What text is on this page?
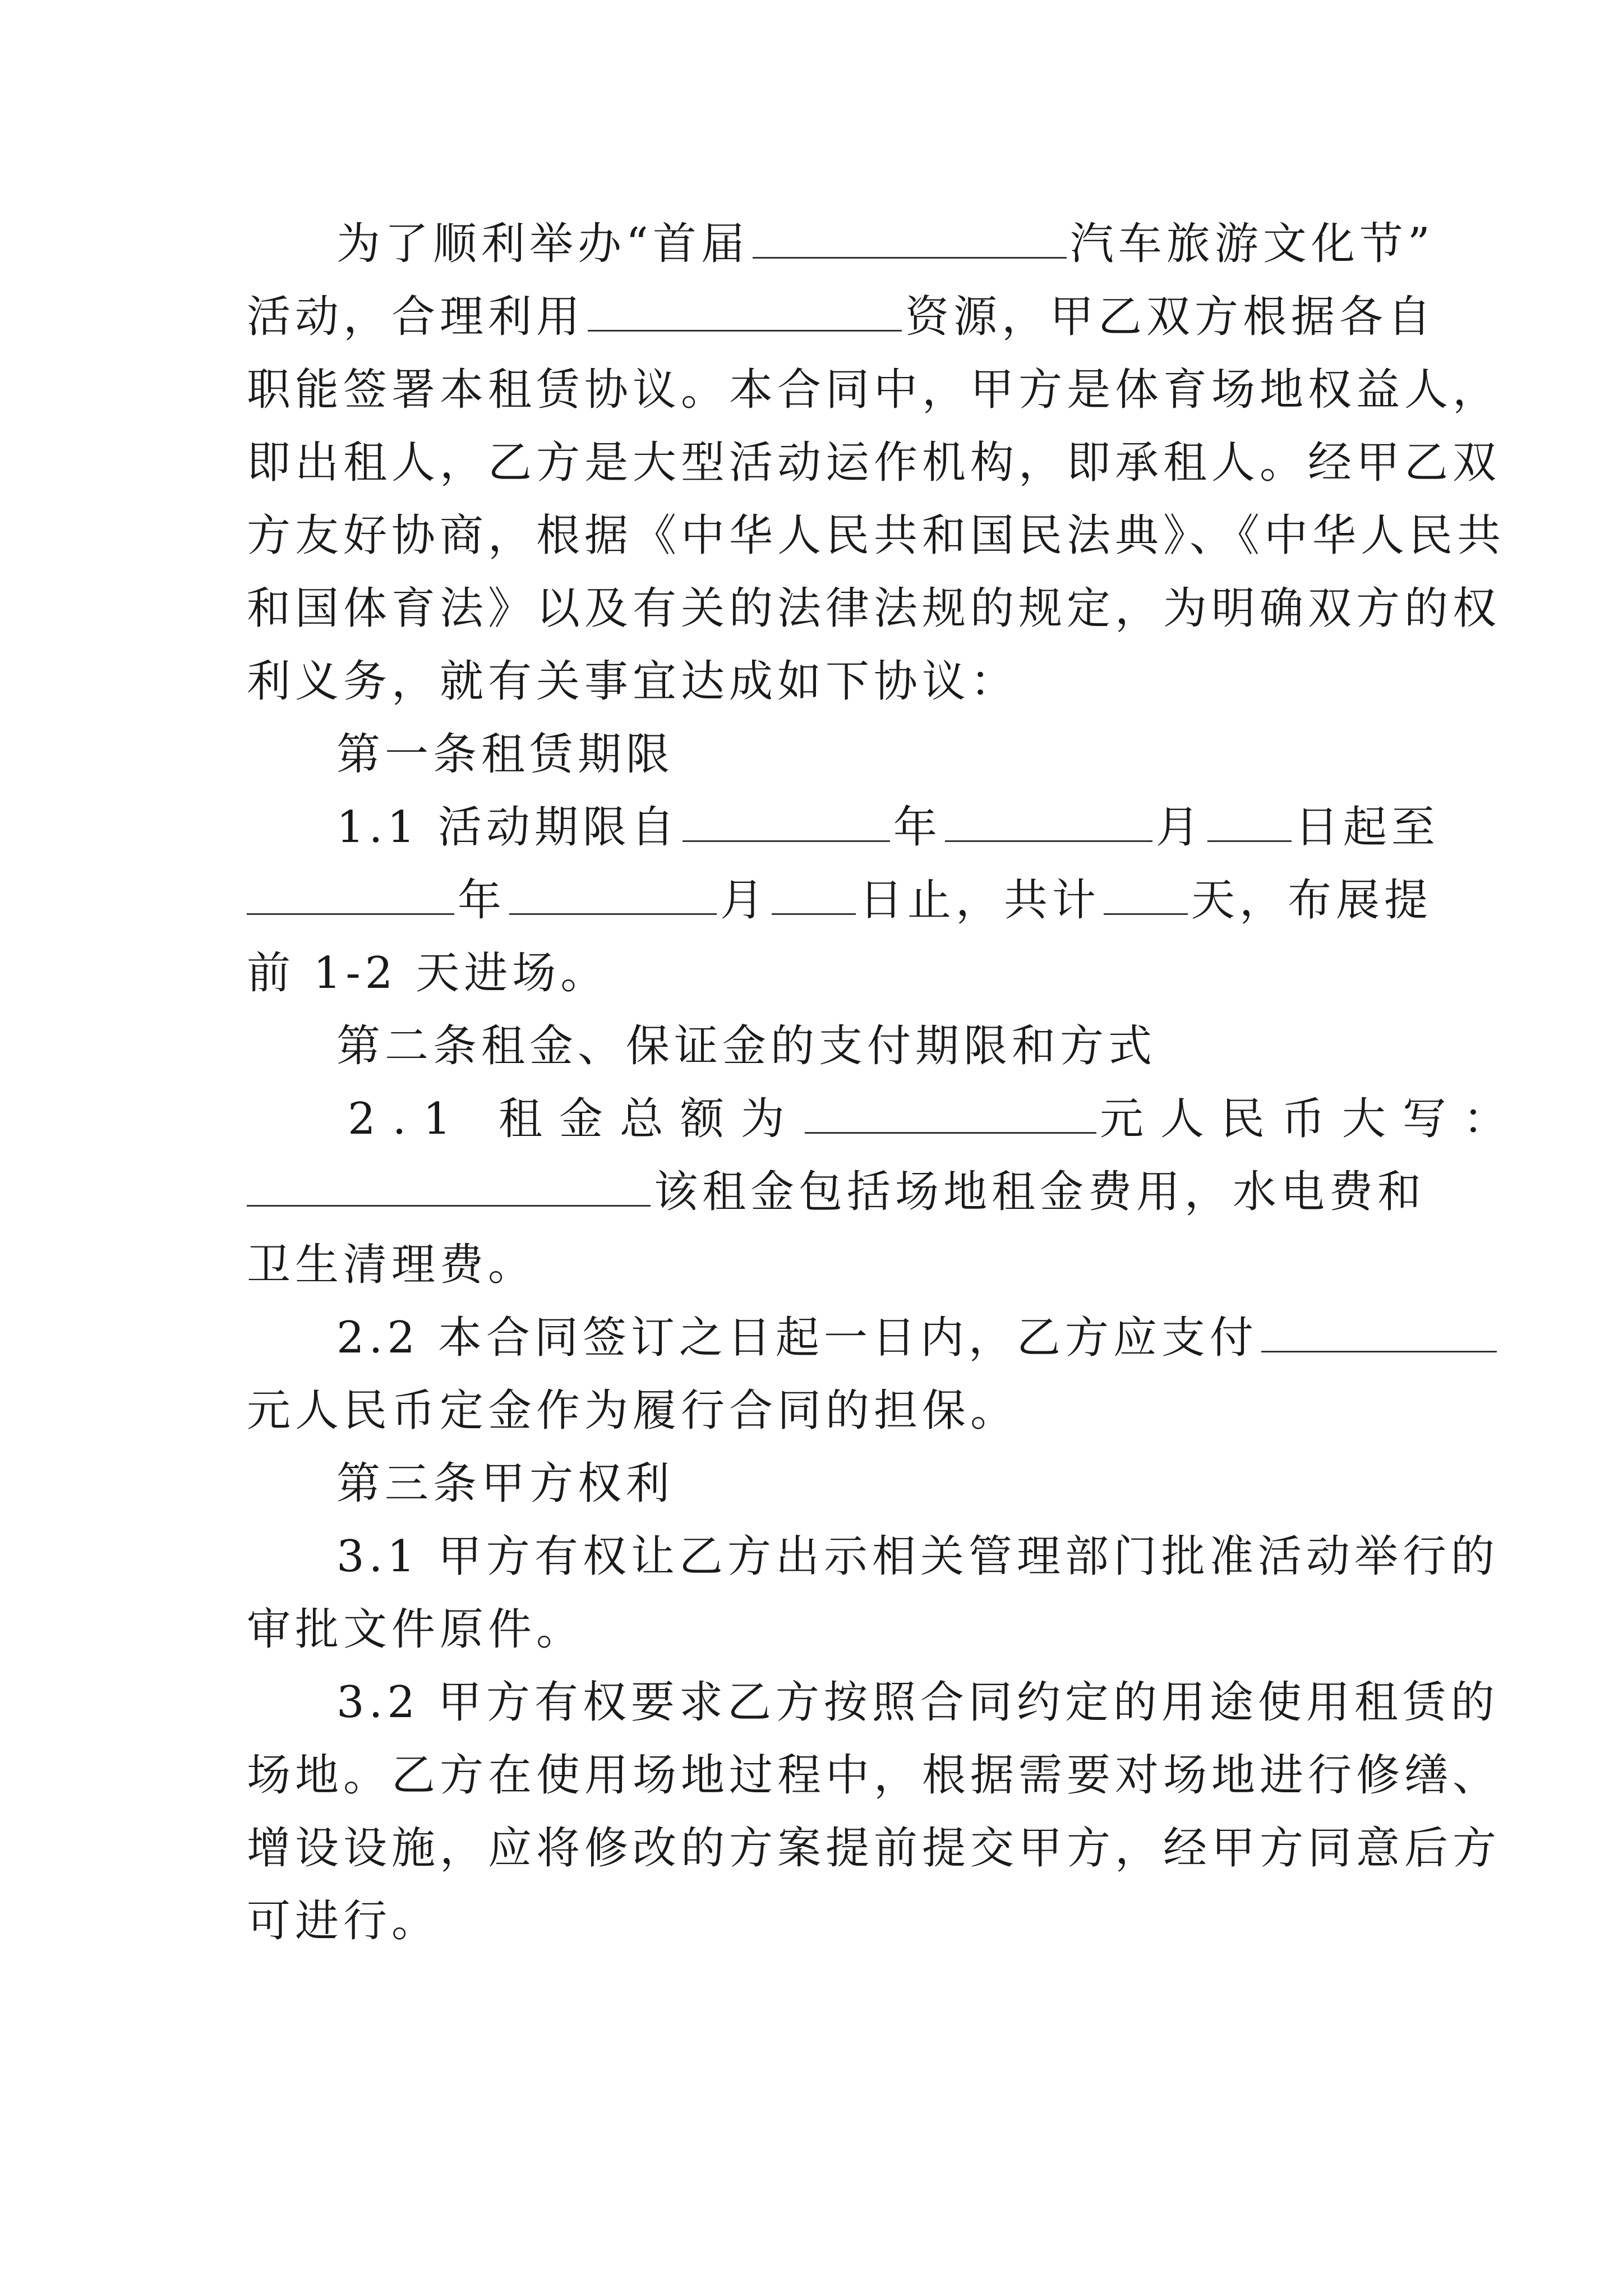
为了顺利举办“首届	汽车旅游文化节”
活动，合理利用	资源，甲乙双方根据各自
职能签署本租赁协议。本合同中，甲方是体育场地权益人，
即出租人，乙方是大型活动运作机构，即承租人。经甲乙双
方友好协商，根据《中华人民共和国民法典》、《中华人民共
和国体育法》以及有关的法律法规的规定，为明确双方的权
利义务，就有关事宜达成如下协议：
第一条租赁期限
1.1 活动期限自	年	月 日起至
年	月 日止，共计 天，布展提
前 1-2 天进场。
第二条租金、保证金的支付期限和方式
2.1 租金总额为	元人民币大写：
该租金包括场地租金费用，水电费和
卫生清理费。
2.2 本合同签订之日起一日内，乙方应支付
元人民币定金作为履行合同的担保。
第三条甲方权利
3.1 甲方有权让乙方出示相关管理部门批准活动举行的
审批文件原件。
3.2 甲方有权要求乙方按照合同约定的用途使用租赁的
场地。乙方在使用场地过程中，根据需要对场地进行修缮、
增设设施，应将修改的方案提前提交甲方，经甲方同意后方
可进行。
